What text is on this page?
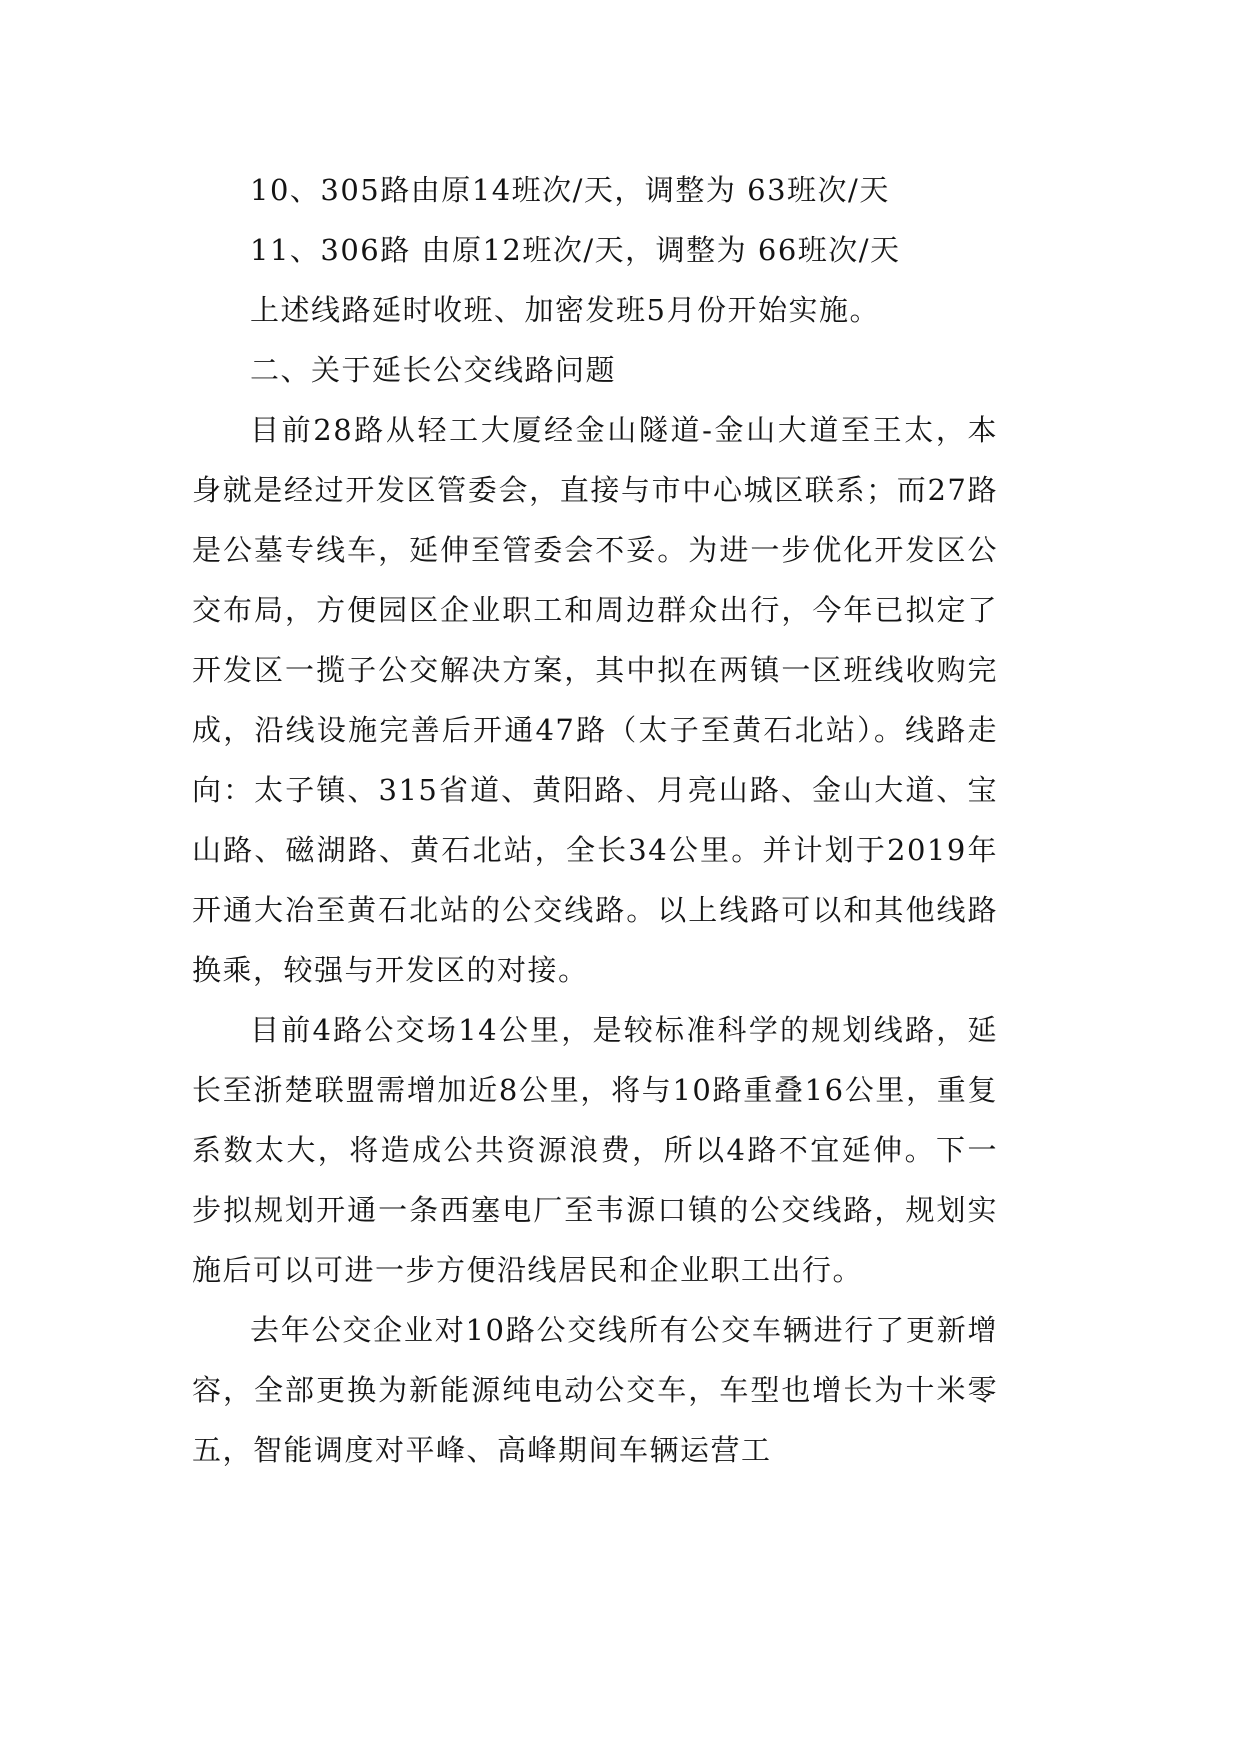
10、305路由原14班次/天，调整为 63班次/天

11、306路 由原12班次/天，调整为 66班次/天

上述线路延时收班、加密发班5月份开始实施。

二、关于延长公交线路问题

目前28路从轻工大厦经金山隧道-金山大道至王太，本身就是经过开发区管委会，直接与市中心城区联系；而27路是公墓专线车，延伸至管委会不妥。为进一步优化开发区公交布局，方便园区企业职工和周边群众出行，今年已拟定了开发区一揽子公交解决方案，其中拟在两镇一区班线收购完成，沿线设施完善后开通47路（太子至黄石北站）。线路走向：太子镇、315省道、黄阳路、月亮山路、金山大道、宝山路、磁湖路、黄石北站，全长34公里。并计划于2019年开通大冶至黄石北站的公交线路。以上线路可以和其他线路换乘，较强与开发区的对接。

目前4路公交场14公里，是较标准科学的规划线路，延长至浙楚联盟需增加近8公里，将与10路重叠16公里，重复系数太大，将造成公共资源浪费，所以4路不宜延伸。下一步拟规划开通一条西塞电厂至韦源口镇的公交线路，规划实施后可以可进一步方便沿线居民和企业职工出行。

去年公交企业对10路公交线所有公交车辆进行了更新增容，全部更换为新能源纯电动公交车，车型也增长为十米零五，智能调度对平峰、高峰期间车辆运营工
